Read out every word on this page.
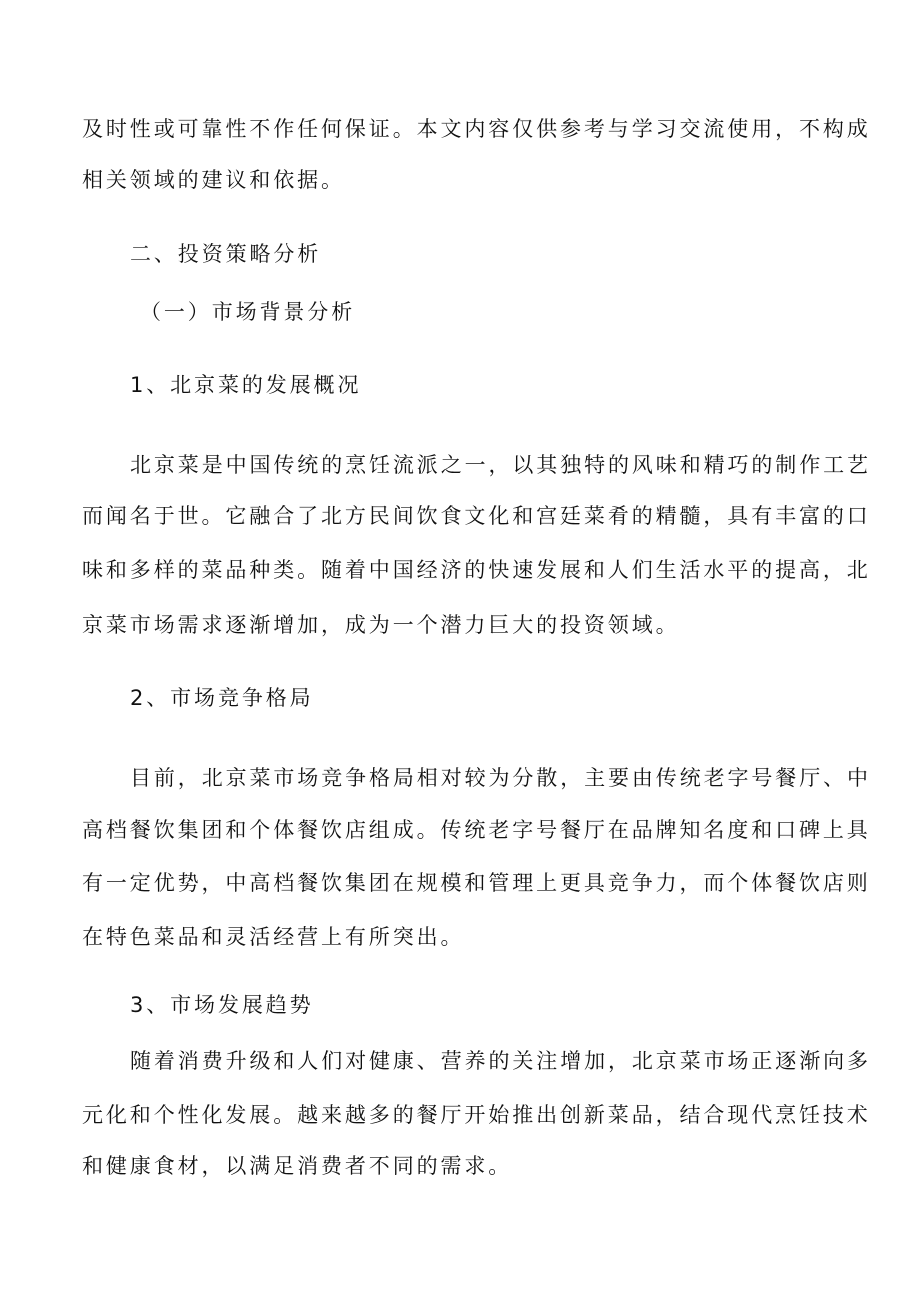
及时性或可靠性不作任何保证。本文内容仅供参考与学习交流使用，不构成
相关领域的建议和依据。
二、投资策略分析
（一）市场背景分析
1、北京菜的发展概况
北京菜是中国传统的烹饪流派之一，以其独特的风味和精巧的制作工艺
而闻名于世。它融合了北方民间饮食文化和宫廷菜肴的精髓，具有丰富的口
味和多样的菜品种类。随着中国经济的快速发展和人们生活水平的提高，北
京菜市场需求逐渐增加，成为一个潜力巨大的投资领域。
2、市场竞争格局
目前，北京菜市场竞争格局相对较为分散，主要由传统老字号餐厅、中
高档餐饮集团和个体餐饮店组成。传统老字号餐厅在品牌知名度和口碑上具
有一定优势，中高档餐饮集团在规模和管理上更具竞争力，而个体餐饮店则
在特色菜品和灵活经营上有所突出。
3、市场发展趋势
随着消费升级和人们对健康、营养的关注增加，北京菜市场正逐渐向多
元化和个性化发展。越来越多的餐厅开始推出创新菜品，结合现代烹饪技术
和健康食材，以满足消费者不同的需求。
